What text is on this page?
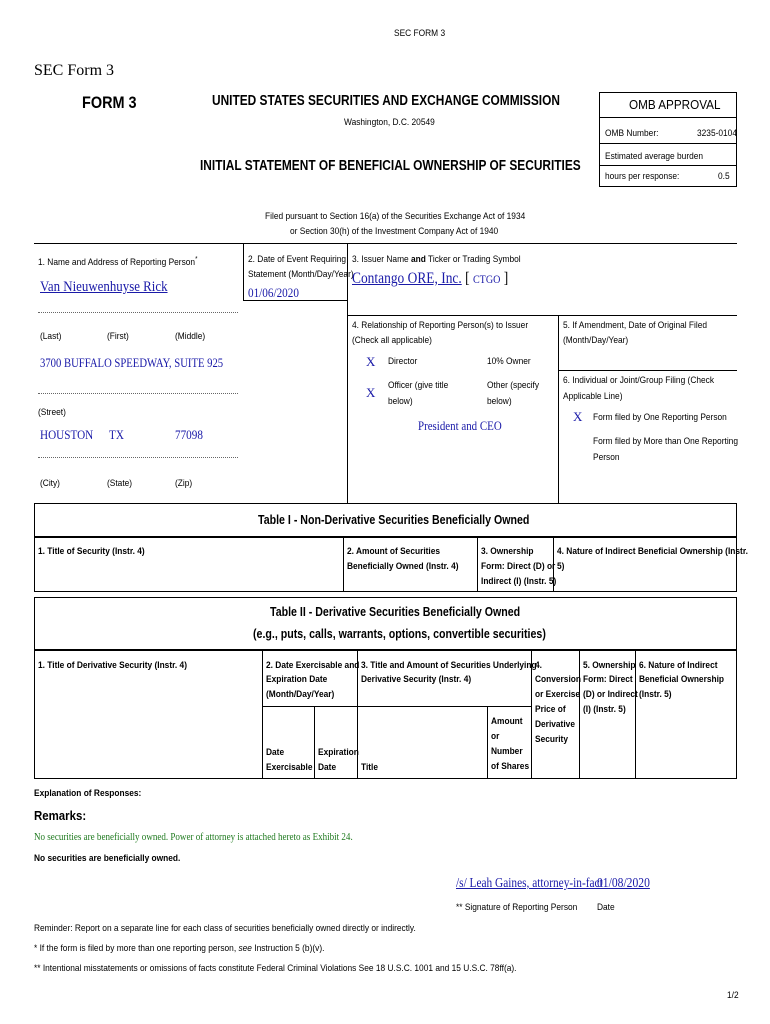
SEC FORM 3
SEC Form 3
FORM 3	UNITED STATES SECURITIES AND EXCHANGE COMMISSION
Washington, D.C. 20549
INITIAL STATEMENT OF BENEFICIAL OWNERSHIP OF SECURITIES
OMB APPROVAL
OMB Number:	3235-0104
Estimated average burden
hours per response:	0.5
Filed pursuant to Section 16(a) of the Securities Exchange Act of 1934
or Section 30(h) of the Investment Company Act of 1940
1. Name and Address of Reporting Person*
Van Nieuwenhuyse Rick
(Last)	(First)	(Middle)
3700 BUFFALO SPEEDWAY, SUITE 925
(Street)
HOUSTON TX	77098
(City)	(State)	(Zip)
2. Date of Event Requiring
Statement (Month/Day/Year)
01/06/2020
3. Issuer Name and Ticker or Trading Symbol
Contango ORE, Inc. [ CTGO ]
4. Relationship of Reporting Person(s) to Issuer
(Check all applicable)
X Director	10% Owner
X Officer (give title
below)
Other (specify
below)
President and CEO
5. If Amendment, Date of Original Filed
(Month/Day/Year)
6. Individual or Joint/Group Filing (Check
Applicable Line)
X Form filed by One Reporting Person
Form filed by More than One Reporting
Person
Table I - Non-Derivative Securities Beneficially Owned
1. Title of Security (Instr. 4)	2. Amount of Securities
Beneficially Owned (Instr. 4)
3. Ownership
Form: Direct (D) or
Indirect (I) (Instr. 5)
4. Nature of Indirect Beneficial Ownership (Instr.
5)
Table II - Derivative Securities Beneficially Owned
(e.g., puts, calls, warrants, options, convertible securities)
1. Title of Derivative Security (Instr. 4)	2. Date Exercisable and
Expiration Date
(Month/Day/Year)
Date
Exercisable
Expiration
Date
3. Title and Amount of Securities Underlying
Derivative Security (Instr. 4)
Title
Amount
or
Number
of Shares
4.
Conversion
or Exercise
Price of
Derivative
Security
5. Ownership
Form: Direct
(D) or Indirect
(I) (Instr. 5)
6. Nature of Indirect
Beneficial Ownership
(Instr. 5)
Explanation of Responses:
Remarks:
No securities are beneficially owned. Power of attorney is attached hereto as Exhibit 24.
No securities are beneficially owned.
/s/ Leah Gaines, attorney-in-fact
01/08/2020
** Signature of Reporting Person Date
Reminder: Report on a separate line for each class of securities beneficially owned directly or indirectly.
* If the form is filed by more than one reporting person, see Instruction 5 (b)(v).
** Intentional misstatements or omissions of facts constitute Federal Criminal Violations See 18 U.S.C. 1001 and 15 U.S.C. 78ff(a).
1/2
